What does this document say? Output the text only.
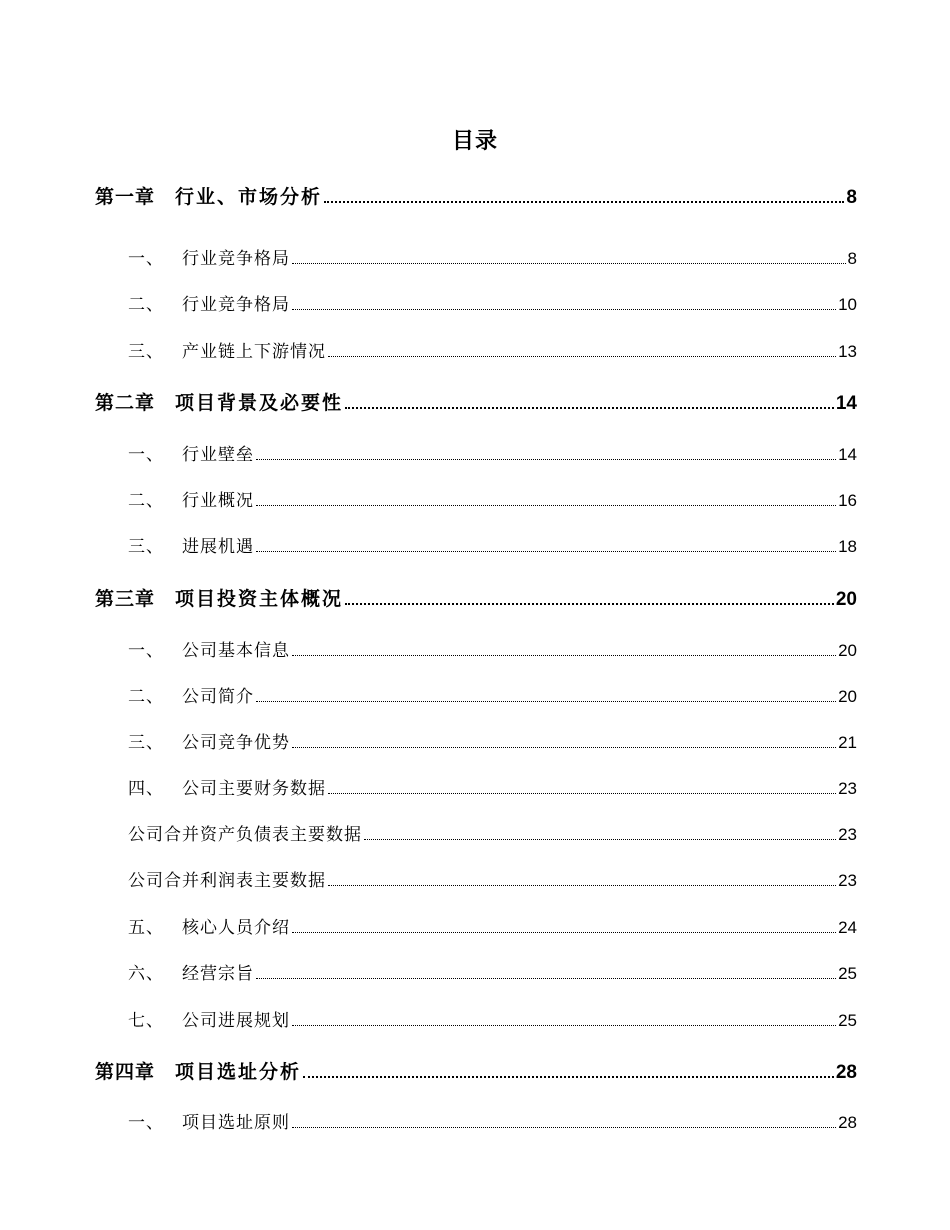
目录
第一章	行业、市场分析	8
一、	行业竞争格局	8
二、	行业竞争格局	10
三、	产业链上下游情况	13
第二章	项目背景及必要性	14
一、	行业壁垒	14
二、	行业概况	16
三、	进展机遇	18
第三章	项目投资主体概况	20
一、	公司基本信息	20
二、	公司简介	20
三、	公司竞争优势	21
四、	公司主要财务数据	23
公司合并资产负债表主要数据	23
公司合并利润表主要数据	23
五、	核心人员介绍	24
六、	经营宗旨	25
七、	公司进展规划	25
第四章	项目选址分析	28
一、	项目选址原则	28
